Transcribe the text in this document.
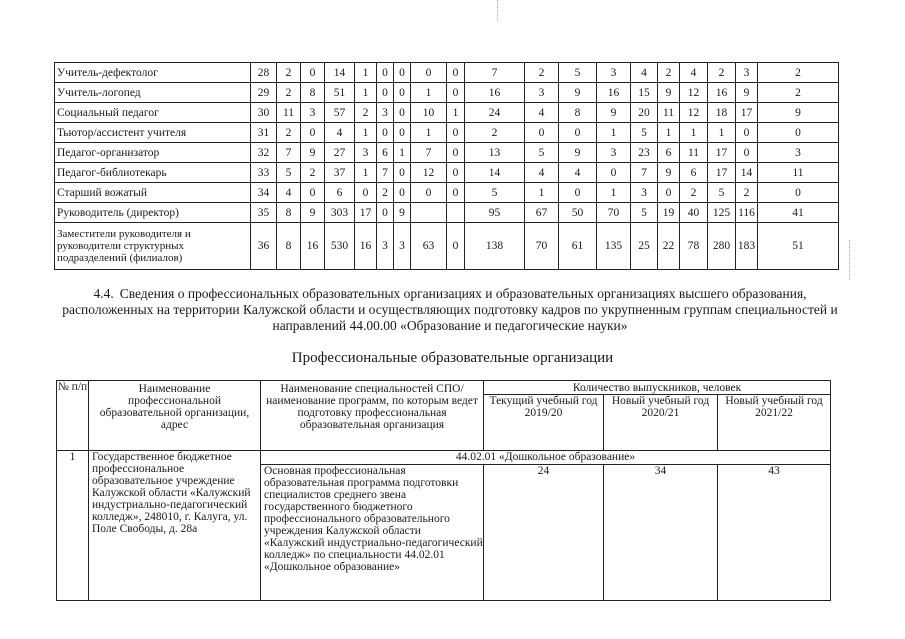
Учитель-дефектолог	28	2	0	14	1	0	0	0	0	7	2	5	3	4	2	4	2	3	2
Учитель-логопед	29	2	8	51	1	0	0	1	0	16	3	9	16	15	9	12	16	9	2
Социальный педагог	30	11	3	57	2	3	0	10	1	24	4	8	9	20	11	12	18	17	9
Тьютор/ассистент учителя	31	2	0	4	1	0	0	1	0	2	0	0	1	5	1	1	1	0	0
Педагог-организатор	32	7	9	27	3	6	1	7	0	13	5	9	3	23	6	11	17	0	3
Педагог-библиотекарь	33	5	2	37	1	7	0	12	0	14	4	4	0	7	9	6	17	14	11
Старший вожатый	34	4	0	6	0	2	0	0	0	5	1	0	1	3	0	2	5	2	0
Руководитель (директор)	35	8	9	303	17	0	9			95	67	50	70	5	19	40	125	116	41
Заместители руководителя и руководители структурных подразделений (филиалов)	36	8	16	530	16	3	3	63	0	138	70	61	135	25	22	78	280	183	51
4.4. Сведения о профессиональных образовательных организациях и образовательных организациях высшего образования, расположенных на территории Калужской области и осуществляющих подготовку кадров по укрупненным группам специальностей и направлений 44.00.00 «Образование и педагогические науки»
Профессиональные образовательные организации
№ п/п	Наименование профессиональной образовательной организации, адрес	Наименование специальностей СПО/наименование программ, по которым ведет подготовку профессиональная образовательная организация	Количество выпускников, человек		
			Текущий учебный год 2019/20	Новый учебный год 2020/21	Новый учебный год 2021/22
1	Государственное бюджетное профессиональное образовательное учреждение Калужской области «Калужский индустриально-педагогический колледж», 248010, г. Калуга, ул. Поле Свободы, д. 28а	44.02.01 «Дошкольное образование»			
		Основная профессиональная образовательная программа подготовки специалистов среднего звена государственного бюджетного профессионального образовательного учреждения Калужской области «Калужский индустриально-педагогический колледж» по специальности 44.02.01 «Дошкольное образование»	24	34	43
